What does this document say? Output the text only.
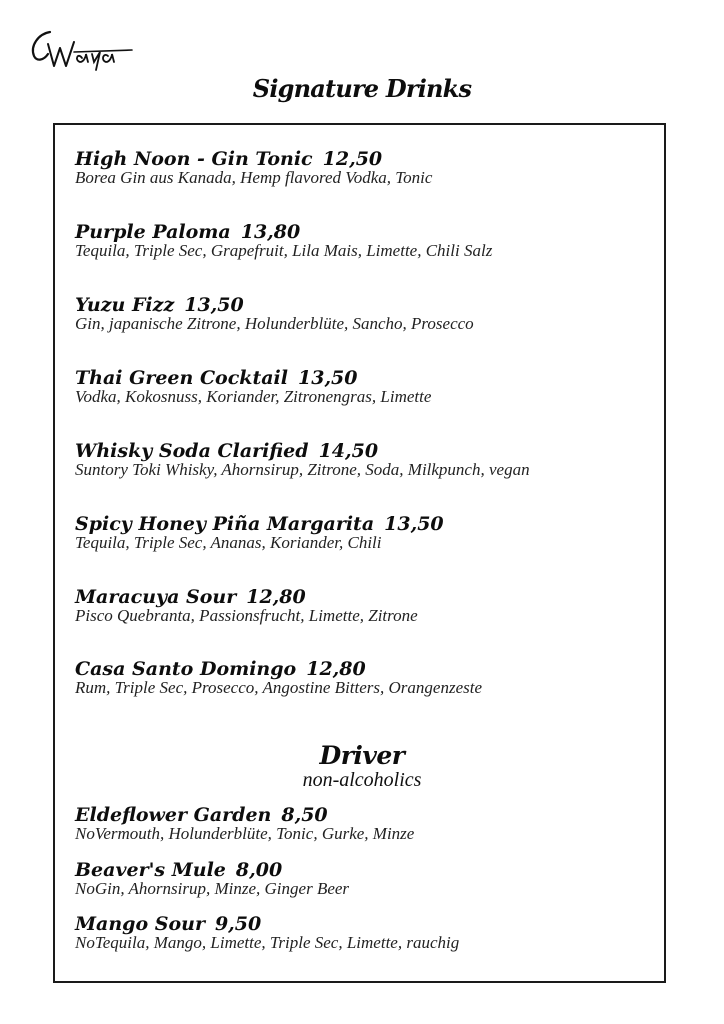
Signature Drinks
High Noon - Gin Tonic 12,50
Borea Gin aus Kanada, Hemp flavored Vodka, Tonic
Purple Paloma 13,80
Tequila, Triple Sec, Grapefruit, Lila Mais, Limette, Chili Salz
Yuzu Fizz 13,50
Gin, japanische Zitrone, Holunderblüte, Sancho, Prosecco
Thai Green Cocktail 13,50
Vodka, Kokosnuss, Koriander, Zitronengras, Limette
Whisky Soda Clarified 14,50
Suntory Toki Whisky, Ahornsirup, Zitrone, Soda, Milkpunch, vegan
Spicy Honey Piña Margarita 13,50
Tequila, Triple Sec, Ananas, Koriander, Chili
Maracuya Sour 12,80
Pisco Quebranta, Passionsfrucht, Limette, Zitrone
Casa Santo Domingo 12,80
Rum, Triple Sec, Prosecco, Angostine Bitters, Orangenzeste
Driver
non-alcoholics
Eldeflower Garden 8,50
NoVermouth, Holunderblüte, Tonic, Gurke, Minze
Beaver's Mule 8,00
NoGin, Ahornsirup, Minze, Ginger Beer
Mango Sour 9,50
NoTequila, Mango, Limette, Triple Sec, Limette, rauchig
